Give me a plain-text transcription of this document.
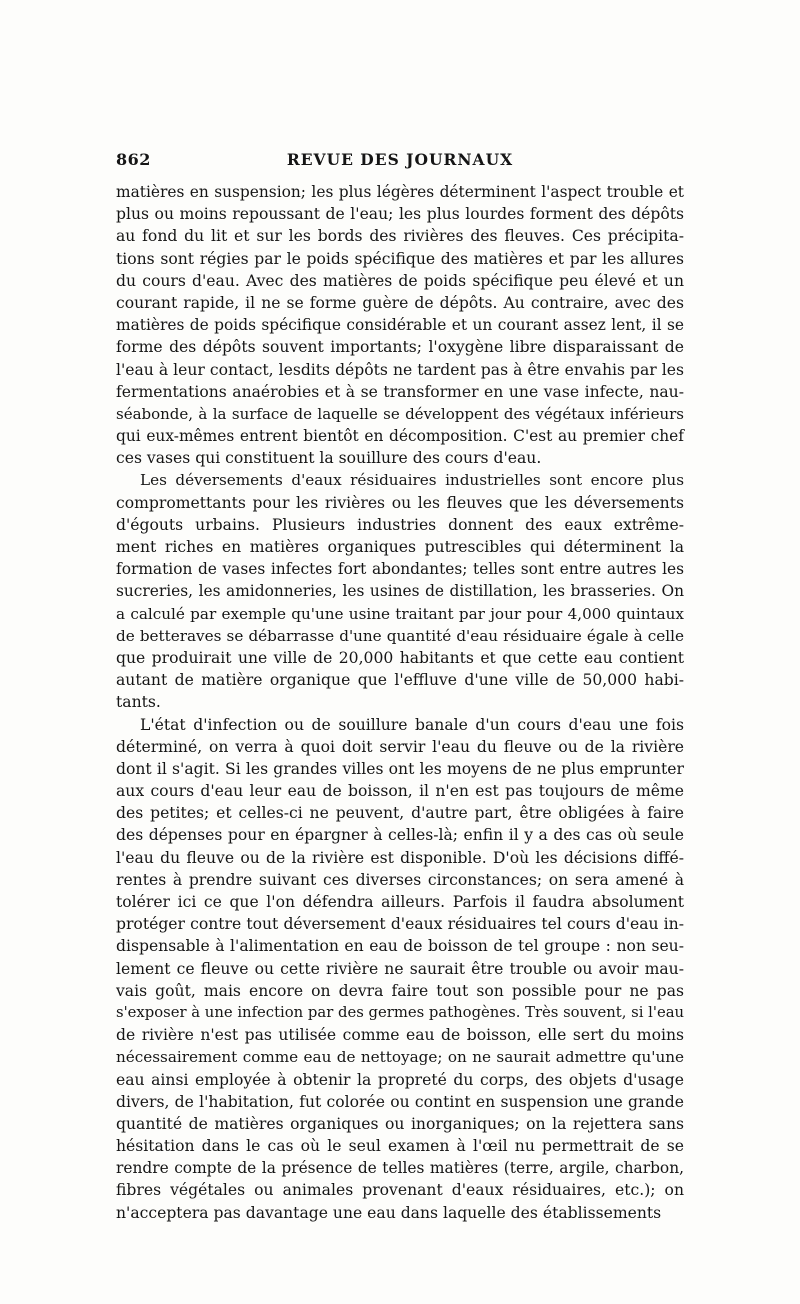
862	REVUE DES JOURNAUX
matières en suspension; les plus légères déterminent l'aspect trouble et
plus ou moins repoussant de l'eau; les plus lourdes forment des dépôts
au fond du lit et sur les bords des rivières des fleuves. Ces précipita-
tions sont régies par le poids spécifique des matières et par les allures
du cours d'eau. Avec des matières de poids spécifique peu élevé et un
courant rapide, il ne se forme guère de dépôts. Au contraire, avec des
matières de poids spécifique considérable et un courant assez lent, il se
forme des dépôts souvent importants; l'oxygène libre disparaissant de
l'eau à leur contact, lesdits dépôts ne tardent pas à être envahis par les
fermentations anaérobies et à se transformer en une vase infecte, nau-
séabonde, à la surface de laquelle se développent des végétaux inférieurs
qui eux-mêmes entrent bientôt en décomposition. C'est au premier chef
ces vases qui constituent la souillure des cours d'eau.
Les déversements d'eaux résiduaires industrielles sont encore plus
compromettants pour les rivières ou les fleuves que les déversements
d'égouts urbains. Plusieurs industries donnent des eaux extrême-
ment riches en matières organiques putrescibles qui déterminent la
formation de vases infectes fort abondantes; telles sont entre autres les
sucreries, les amidonneries, les usines de distillation, les brasseries. On
a calculé par exemple qu'une usine traitant par jour pour 4,000 quintaux
de betteraves se débarrasse d'une quantité d'eau résiduaire égale à celle
que produirait une ville de 20,000 habitants et que cette eau contient
autant de matière organique que l'effluve d'une ville de 50,000 habi-
tants.
L'état d'infection ou de souillure banale d'un cours d'eau une fois
déterminé, on verra à quoi doit servir l'eau du fleuve ou de la rivière
dont il s'agit. Si les grandes villes ont les moyens de ne plus emprunter
aux cours d'eau leur eau de boisson, il n'en est pas toujours de même
des petites; et celles-ci ne peuvent, d'autre part, être obligées à faire
des dépenses pour en épargner à celles-là; enfin il y a des cas où seule
l'eau du fleuve ou de la rivière est disponible. D'où les décisions diffé-
rentes à prendre suivant ces diverses circonstances; on sera amené à
tolérer ici ce que l'on défendra ailleurs. Parfois il faudra absolument
protéger contre tout déversement d'eaux résiduaires tel cours d'eau in-
dispensable à l'alimentation en eau de boisson de tel groupe : non seu-
lement ce fleuve ou cette rivière ne saurait être trouble ou avoir mau-
vais goût, mais encore on devra faire tout son possible pour ne pas
s'exposer à une infection par des germes pathogènes. Très souvent, si l'eau
de rivière n'est pas utilisée comme eau de boisson, elle sert du moins
nécessairement comme eau de nettoyage; on ne saurait admettre qu'une
eau ainsi employée à obtenir la propreté du corps, des objets d'usage
divers, de l'habitation, fut colorée ou contint en suspension une grande
quantité de matières organiques ou inorganiques; on la rejettera sans
hésitation dans le cas où le seul examen à l'œil nu permettrait de se
rendre compte de la présence de telles matières (terre, argile, charbon,
fibres végétales ou animales provenant d'eaux résiduaires, etc.); on
n'acceptera pas davantage une eau dans laquelle des établissements
